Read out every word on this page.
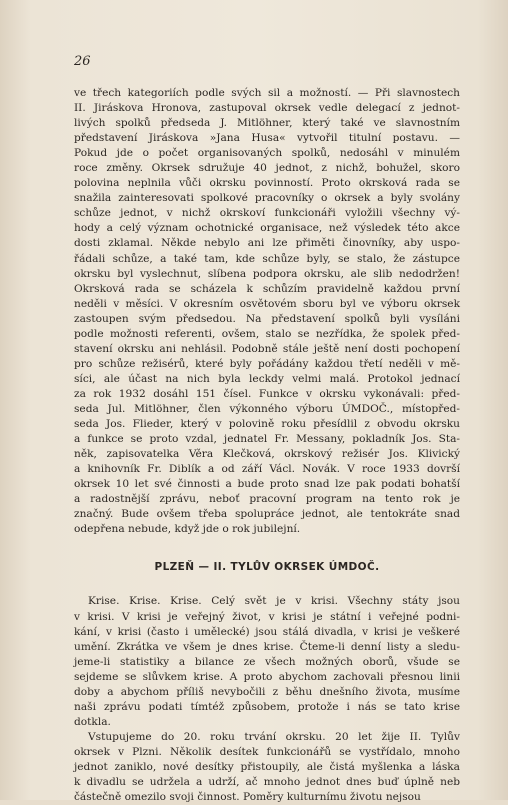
26
ve třech kategoriích podle svých sil a možností. — Při slavnostech
II. Jiráskova Hronova, zastupoval okrsek vedle delegací z jednot-
livých spolků předseda J. Mitlöhner, který také ve slavnostním
představení Jiráskova »Jana Husa« vytvořil titulní postavu. —
Pokud jde o počet organisovaných spolků, nedosáhl v minulém
roce změny. Okrsek sdružuje 40 jednot, z nichž, bohužel, skoro
polovina neplnila vůči okrsku povinností. Proto okrsková rada se
snažila zainteresovati spolkové pracovníky o okrsek a byly svolány
schůze jednot, v nichž okrskoví funkcionáři vyložili všechny vý-
hody a celý význam ochotnické organisace, než výsledek této akce
dosti zklamal. Někde nebylo ani lze přiměti činovníky, aby uspo-
řádali schůze, a také tam, kde schůze byly, se stalo, že zástupce
okrsku byl vyslechnut, slíbena podpora okrsku, ale slib nedodržen!
Okrsková rada se scházela k schůzím pravidelně každou první
neděli v měsíci. V okresním osvětovém sboru byl ve výboru okrsek
zastoupen svým předsedou. Na představení spolků byli vysíláni
podle možnosti referenti, ovšem, stalo se nezřídka, že spolek před-
stavení okrsku ani nehlásil. Podobně stále ještě není dosti pochopení
pro schůze režisérů, které byly pořádány každou třetí neděli v mě-
síci, ale účast na nich byla leckdy velmi malá. Protokol jednací
za rok 1932 dosáhl 151 čísel. Funkce v okrsku vykonávali: před-
seda Jul. Mitlöhner, člen výkonného výboru ÚMDOČ., místopřed-
seda Jos. Flieder, který v polovině roku přesídlil z obvodu okrsku
a funkce se proto vzdal, jednatel Fr. Messany, pokladník Jos. Sta-
něk, zapisovatelka Věra Klečková, okrskový režisér Jos. Klivický
a knihovník Fr. Diblík a od září Václ. Novák. V roce 1933 dovrší
okrsek 10 let své činnosti a bude proto snad lze pak podati bohatší
a radostnější zprávu, neboť pracovní program na tento rok je
značný. Bude ovšem třeba spolupráce jednot, ale tentokráte snad
odepřena nebude, když jde o rok jubilejní.
PLZEŇ — II. TYLŮV OKRSEK ÚMDOČ.
Krise. Krise. Krise. Celý svět je v krisi. Všechny státy jsou
v krisi. V krisi je veřejný život, v krisi je státní i veřejné podni-
kání, v krisi (často i umělecké) jsou stálá divadla, v krisi je veškeré
umění. Zkrátka ve všem je dnes krise. Čteme-li denní listy a sledu-
jeme-li statistiky a bilance ze všech možných oborů, všude se
sejdeme se slůvkem krise. A proto abychom zachovali přesnou linii
doby a abychom příliš nevybočili z běhu dnešního života, musíme
naši zprávu podati tímtéž způsobem, protože i nás se tato krise
dotkla.
Vstupujeme do 20. roku trvání okrsku. 20 let žije II. Tylův
okrsek v Plzni. Několik desítek funkcionářů se vystřídalo, mnoho
jednot zaniklo, nové desítky přistoupily, ale čistá myšlenka a láska
k divadlu se udržela a udrží, ač mnoho jednot dnes buď úplně neb
částečně omezilo svoji činnost. Poměry kulturnímu životu nejsou
